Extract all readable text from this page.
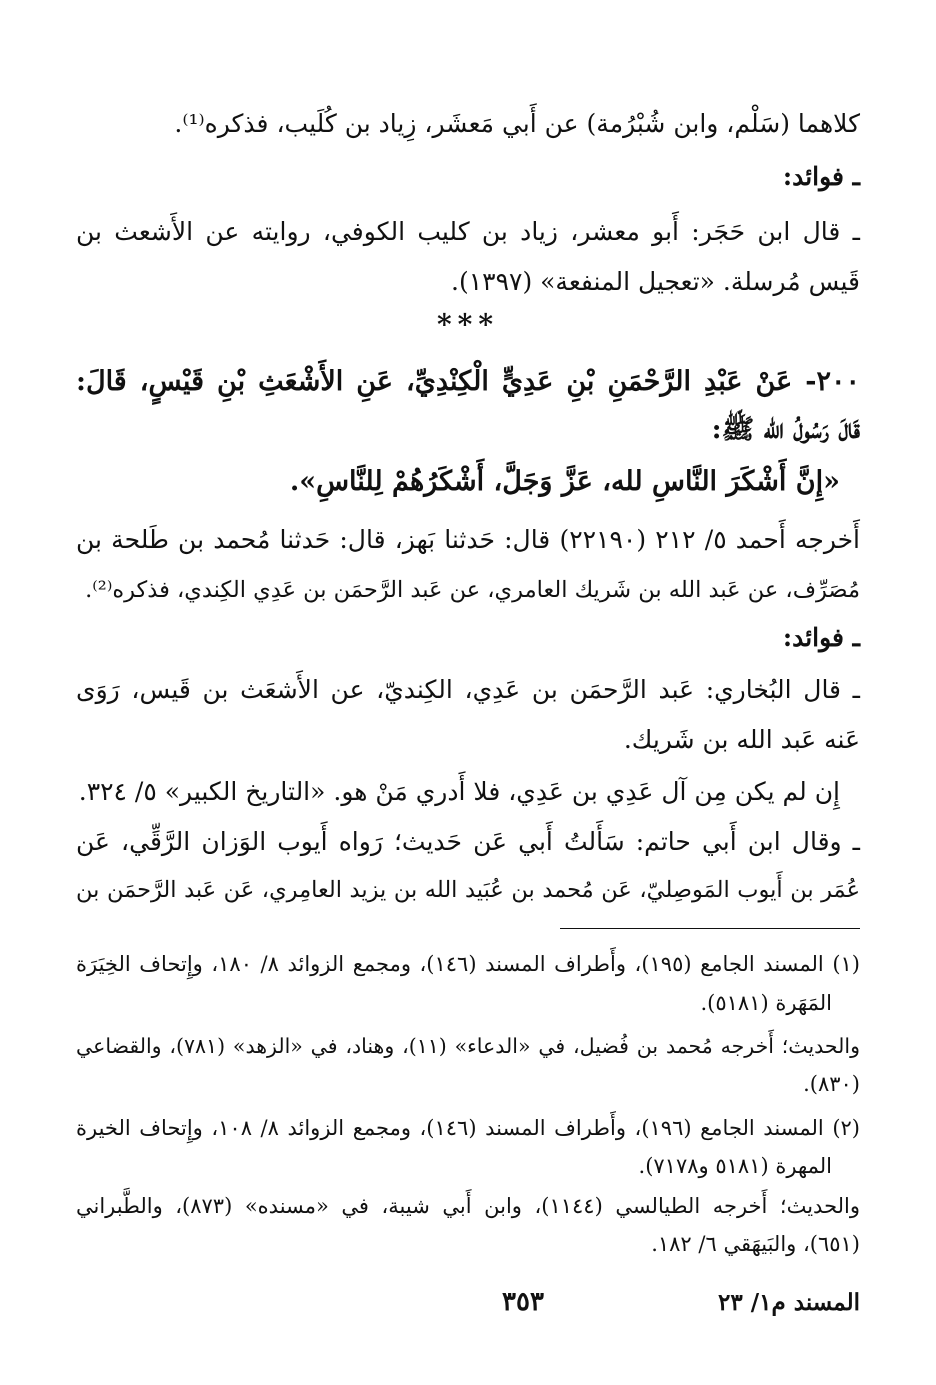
كلاهما (سَلْم، وابن شُبْرُمة) عن أَبي مَعشَر، زِياد بن كُلَيب، فذكره⁽¹⁾.
ـ فوائد:
ـ قال ابن حَجَر: أَبو معشر، زياد بن كليب الكوفي، روايته عن الأَشعث بن
قَيس مُرسلة. «تعجيل المنفعة» (١٣٩٧).
***
٢٠٠- عَنْ عَبْدِ الرَّحْمَنِ بْنِ عَدِيٍّ الْكِنْدِيِّ، عَنِ الأَشْعَثِ بْنِ قَيْسٍ، قَالَ:
قَالَ رَسُولُ الله ﷺ:
«إِنَّ أَشْكَرَ النَّاسِ لله، عَزَّ وَجَلَّ، أَشْكَرُهُمْ لِلنَّاسِ».
أَخرجه أَحمد ٥/ ٢١٢ (٢٢١٩٠) قال: حَدثنا بَهز، قال: حَدثنا مُحمد بن طَلحة بن
مُصَرِّف، عن عَبد الله بن شَريك العامري، عن عَبد الرَّحمَن بن عَدِي الكِندي، فذكره⁽²⁾.
ـ فوائد:
ـ قال البُخاري: عَبد الرَّحمَن بن عَدِي، الكِنديّ، عن الأَشعَث بن قَيس، رَوَى
عَنه عَبد الله بن شَريك.
إِن لم يكن مِن آل عَدِي بن عَدِي، فلا أَدري مَنْ هو. «التاريخ الكبير» ٥/ ٣٢٤.
ـ وقال ابن أَبي حاتم: سَأَلتُ أَبي عَن حَديث؛ رَواه أَيوب الوَزان الرَّقِّي، عَن
عُمَر بن أَيوب المَوصِليّ، عَن مُحمد بن عُبَيد الله بن يزيد العامِري، عَن عَبد الرَّحمَن بن
(١) المسند الجامع (١٩٥)، وأَطراف المسند (١٤٦)، ومجمع الزوائد ٨/ ١٨٠، وإِتحاف الخِيَرَة
المَهَرة (٥١٨١).
والحديث؛ أَخرجه مُحمد بن فُضيل، في «الدعاء» (١١)، وهناد، في «الزهد» (٧٨١)، والقضاعي
(٨٣٠).
(٢) المسند الجامع (١٩٦)، وأَطراف المسند (١٤٦)، ومجمع الزوائد ٨/ ١٠٨، وإِتحاف الخيرة
المهرة (٥١٨١ و٧١٧٨).
والحديث؛ أَخرجه الطيالسي (١١٤٤)، وابن أَبي شيبة، في «مسنده» (٨٧٣)، والطَّبراني
(٦٥١)، والبَيهَقي ٦/ ١٨٢.
المسند م١/ ٢٣
٣٥٣
